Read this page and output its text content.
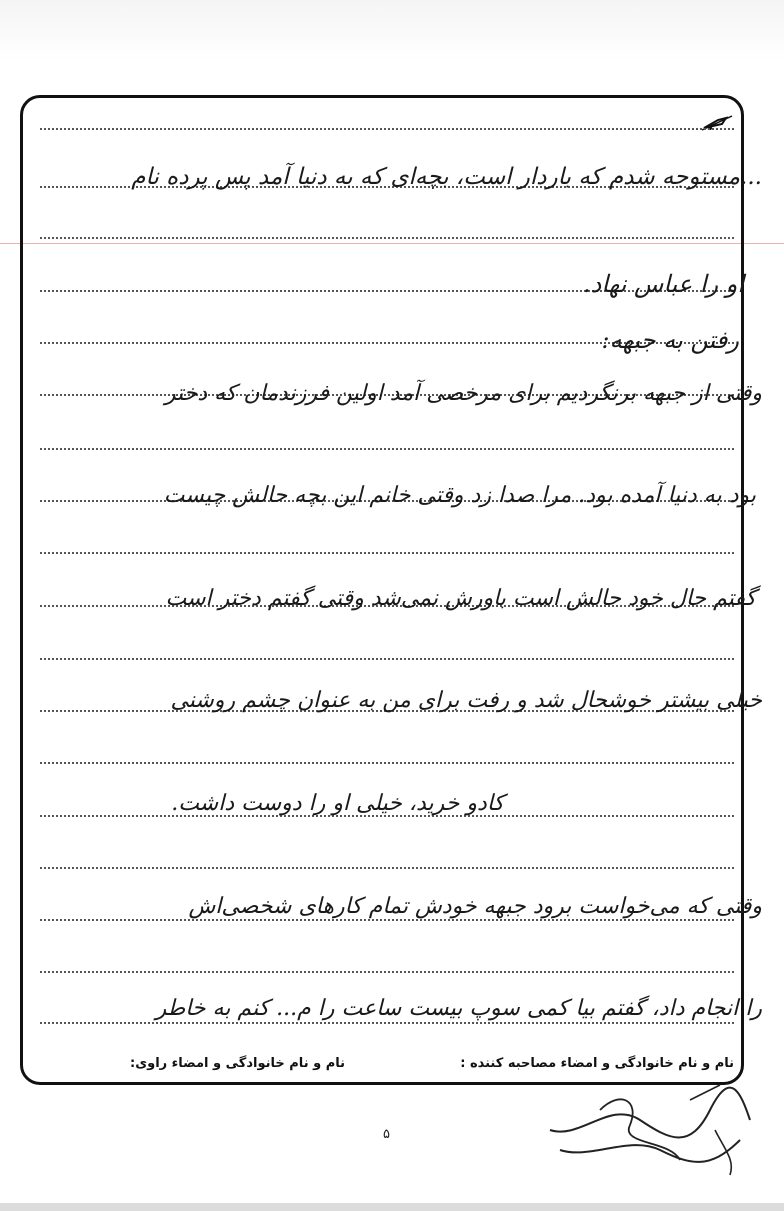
...مستوجه شدم که باردار است، بچه‌ای که به دنیا آمد پس پرده نام
او را عباس نهاد.
رفتن به جبهه:
وقتی از جبهه برنگردیم برای مرخصی آمد اولین فرزندمان که دختر
بود به دنیا آمده بود. مرا صدا زد وقتی خانم این بچه حالش چیست
گفتم حال خود حالش است باورش نمی‌شد وقتی گفتم دختر است
خیلی بیشتر خوشحال شد و رفت برای من به عنوان چشم روشنی
کادو خرید، خیلی او را دوست داشت.
وقتی که می‌خواست برود جبهه خودش تمام کارهای شخصی‌اش
را انجام داد، گفتم بیا کمی سوپ بیست ساعت را م... کنم به خاطر
نام و نام خانوادگی و امضاء مصاحبه کننده :
نام و نام خانوادگی و امضاء راوی:
۵
